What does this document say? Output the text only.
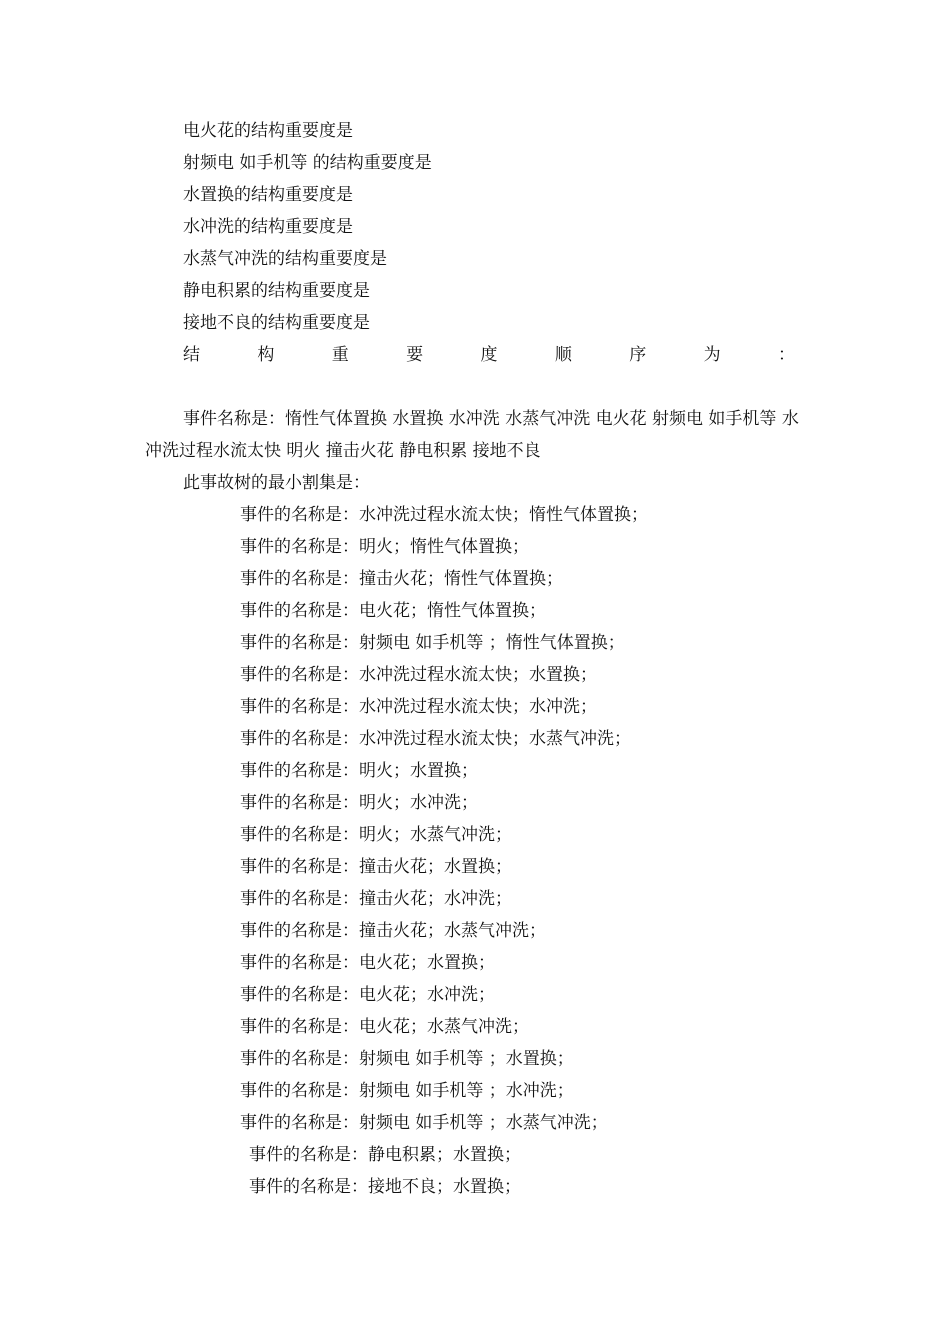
电火花的结构重要度是
射频电 如手机等 的结构重要度是
水置换的结构重要度是
水冲洗的结构重要度是
水蒸气冲洗的结构重要度是
静电积累的结构重要度是
接地不良的结构重要度是
结	构	重	要	度	顺	序	为	：
事件名称是：惰性气体置换 水置换 水冲洗 水蒸气冲洗 电火花 射频电 如手机等 水冲洗过程水流太快 明火 撞击火花 静电积累 接地不良
此事故树的最小割集是：
事件的名称是：水冲洗过程水流太快；惰性气体置换；
事件的名称是：明火；惰性气体置换；
事件的名称是：撞击火花；惰性气体置换；
事件的名称是：电火花；惰性气体置换；
事件的名称是：射频电 如手机等 ；惰性气体置换；
事件的名称是：水冲洗过程水流太快；水置换；
事件的名称是：水冲洗过程水流太快；水冲洗；
事件的名称是：水冲洗过程水流太快；水蒸气冲洗；
事件的名称是：明火；水置换；
事件的名称是：明火；水冲洗；
事件的名称是：明火；水蒸气冲洗；
事件的名称是：撞击火花；水置换；
事件的名称是：撞击火花；水冲洗；
事件的名称是：撞击火花；水蒸气冲洗；
事件的名称是：电火花；水置换；
事件的名称是：电火花；水冲洗；
事件的名称是：电火花；水蒸气冲洗；
事件的名称是：射频电 如手机等 ；水置换；
事件的名称是：射频电 如手机等 ；水冲洗；
事件的名称是：射频电 如手机等 ；水蒸气冲洗；
事件的名称是：静电积累；水置换；
事件的名称是：接地不良；水置换；
